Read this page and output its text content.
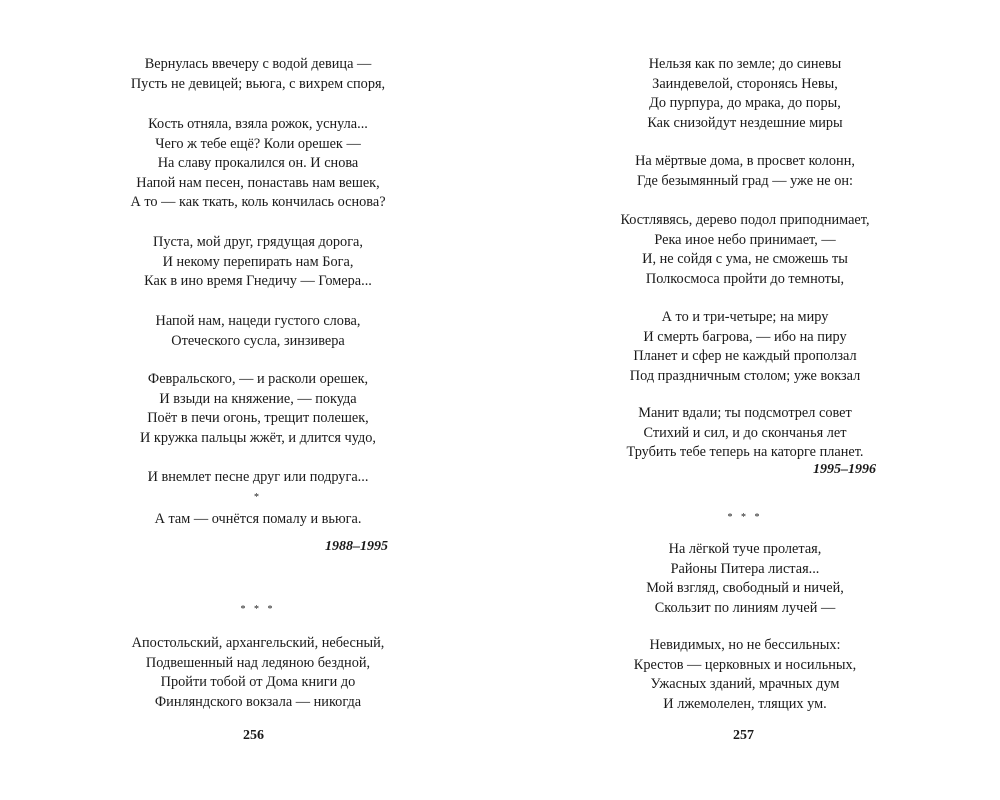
1988–1995
256
Вернулась ввечеру с водой девица —
Пусть не девицей; вьюга, с вихрем споря,
Кость отняла, взяла рожок, уснула...
Чего ж тебе ещё? Коли орешек —
На славу прокалился он. И снова
Напой нам песен, понаставь нам вешек,
А то — как ткать, коль кончилась основа?
Пуста, мой друг, грядущая дорога,
И некому перепирать нам Бога,
Как в ино время Гнедичу — Гомера...
Напой нам, нацеди густого слова,
Отеческого сусла, зинзивера
Февральского, — и расколи орешек,
И взыди на княжение, — покуда
Поёт в печи огонь, трещит полешек,
И кружка пальцы жжёт, и длится чудо,
И внемлет песне друг или подруга...
*
А там — очнётся помалу и вьюга.
* * *
Апостольский, архангельский, небесный,
Подвешенный над ледяною бездной,
Пройти тобой от Дома книги до
Финляндского вокзала — никогда
1995–1996
257
Нельзя как по земле; до синевы
Заиндевелой, сторонясь Невы,
До пурпура, до мрака, до поры,
Как снизойдут нездешние миры
На мёртвые дома, в просвет колонн,
Где безымянный град — уже не он:
Костлявясь, дерево подол приподнимает,
Река иное небо принимает, —
И, не сойдя с ума, не сможешь ты
Полкосмоса пройти до темноты,
А то и три-четыре; на миру
И смерть багрова, — ибо на пиру
Планет и сфер не каждый проползал
Под праздничным столом; уже вокзал
Манит вдали; ты подсмотрел совет
Стихий и сил, и до скончанья лет
Трубить тебе теперь на каторге планет.
* * *
На лёгкой туче пролетая,
Районы Питера листая...
Мой взгляд, свободный и ничей,
Скользит по линиям лучей —
Невидимых, но не бессильных:
Крестов — церковных и носильных,
Ужасных зданий, мрачных дум
И лжемолелен, тлящих ум.
